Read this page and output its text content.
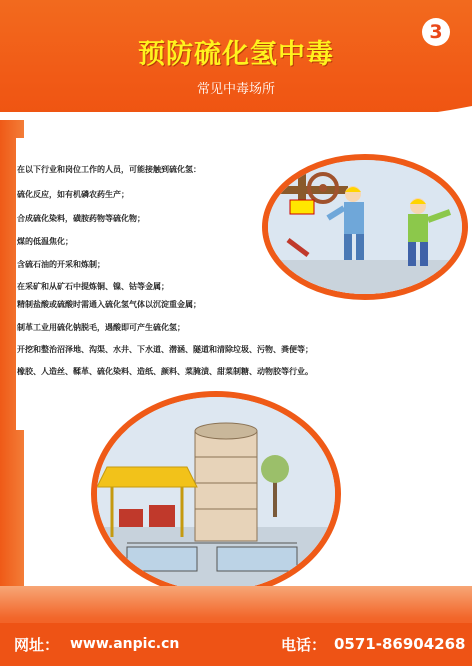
3
预防硫化氢中毒
常见中毒场所
在以下行业和岗位工作的人员，可能接触到硫化氢：
硫化反应，如有机磷农药生产；
合成硫化染料，磺胺药物等硫化物；
煤的低温焦化；
含硫石油的开采和炼制；
在采矿和从矿石中提炼铜、镍、钴等金属；
精制盐酸或硫酸时需通入硫化氢气体以沉淀重金属；
制革工业用硫化钠脱毛，遇酸即可产生硫化氢；
开挖和整治沼泽地、沟渠、水井、下水道、潜涵、隧道和清除垃圾、污物、粪便等；
橡胶、人造丝、鞣革、硫化染料、造纸、颜料、菜腌渍、甜菜制糖、动物胶等行业。
网址： www.anpic.cn	电话： 0571-86904268
